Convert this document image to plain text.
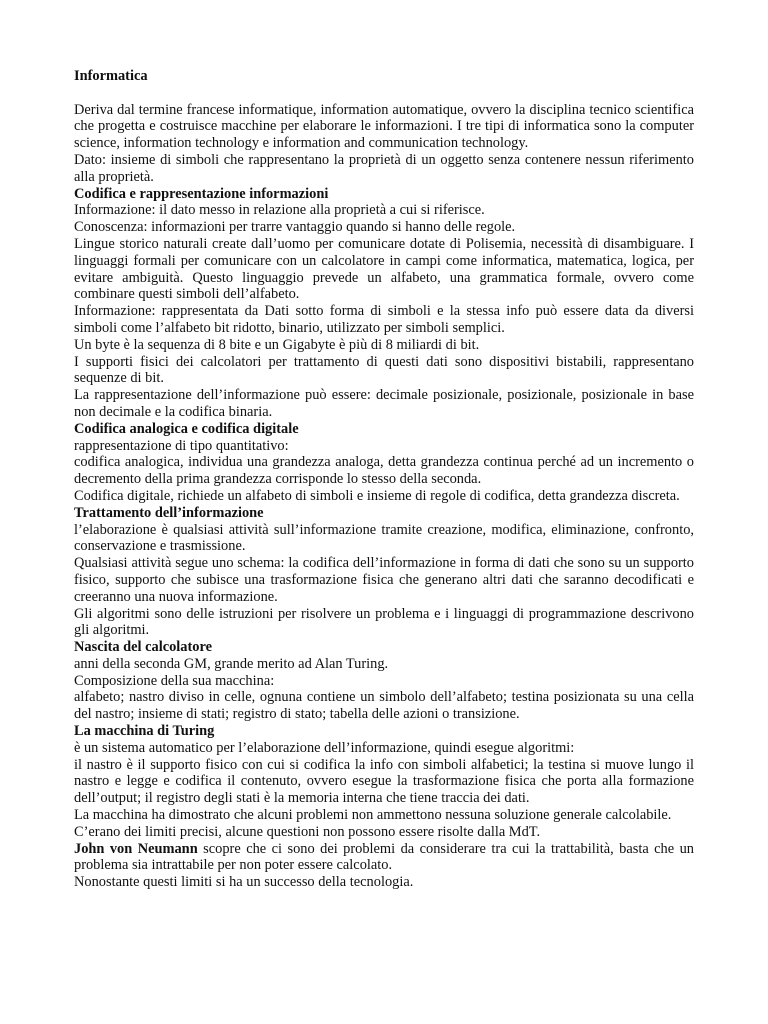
Informatica

Deriva dal termine francese informatique, information automatique, ovvero la disciplina tecnico scientifica che progetta e costruisce macchine per elaborare le informazioni. I tre tipi di informatica sono la computer science, information technology e information and communication technology.

Dato: insieme di simboli che rappresentano la proprietà di un oggetto senza contenere nessun riferimento alla proprietà.

Codifica e rappresentazione informazioni

Informazione: il dato messo in relazione alla proprietà a cui si riferisce.

Conoscenza: informazioni per trarre vantaggio quando si hanno delle regole.

Lingue storico naturali create dall’uomo per comunicare dotate di Polisemia, necessità di disambiguare. I linguaggi formali per comunicare con un calcolatore in campi come informatica, matematica, logica, per evitare ambiguità. Questo linguaggio prevede un alfabeto, una grammatica formale, ovvero come combinare questi simboli dell’alfabeto.

Informazione: rappresentata da Dati sotto forma di simboli e la stessa info può essere data da diversi simboli come l’alfabeto bit ridotto, binario, utilizzato per simboli semplici.

Un byte è la sequenza di 8 bite e un Gigabyte è più di 8 miliardi di bit.

I supporti fisici dei calcolatori per trattamento di questi dati sono dispositivi bistabili, rappresentano sequenze di bit.

La rappresentazione dell’informazione può essere: decimale posizionale, posizionale, posizionale in base non decimale e la codifica binaria.

Codifica analogica e codifica digitale

rappresentazione di tipo quantitativo:

codifica analogica, individua una grandezza analoga, detta grandezza continua perché ad un incremento o decremento della prima grandezza corrisponde lo stesso della seconda.

Codifica digitale, richiede un alfabeto di simboli e insieme di regole di codifica, detta grandezza discreta.

Trattamento dell’informazione

l’elaborazione è qualsiasi attività sull’informazione tramite creazione, modifica, eliminazione, confronto, conservazione e trasmissione.

Qualsiasi attività segue uno schema: la codifica dell’informazione in forma di dati che sono su un supporto fisico, supporto che subisce una trasformazione fisica che generano altri dati che saranno decodificati e creeranno una nuova informazione.

Gli algoritmi sono delle istruzioni per risolvere un problema e i linguaggi di programmazione descrivono gli algoritmi.

Nascita del calcolatore

anni della seconda GM, grande merito ad Alan Turing.

Composizione della sua macchina:

alfabeto; nastro diviso in celle, ognuna contiene un simbolo dell’alfabeto; testina posizionata su una cella del nastro; insieme di stati; registro di stato; tabella delle azioni o transizione.

La macchina di Turing

è un sistema automatico per l’elaborazione dell’informazione, quindi esegue algoritmi:

il nastro è il supporto fisico con cui si codifica la info con simboli alfabetici; la testina si muove lungo il nastro e legge e codifica il contenuto, ovvero esegue la trasformazione fisica che porta alla formazione dell’output; il registro degli stati è la memoria interna che tiene traccia dei dati.

La macchina ha dimostrato che alcuni problemi non ammettono nessuna soluzione generale calcolabile.

C’erano dei limiti precisi, alcune questioni non possono essere risolte dalla MdT.

John von Neumann scopre che ci sono dei problemi da considerare tra cui la trattabilità, basta che un problema sia intrattabile per non poter essere calcolato.

Nonostante questi limiti si ha un successo della tecnologia.
